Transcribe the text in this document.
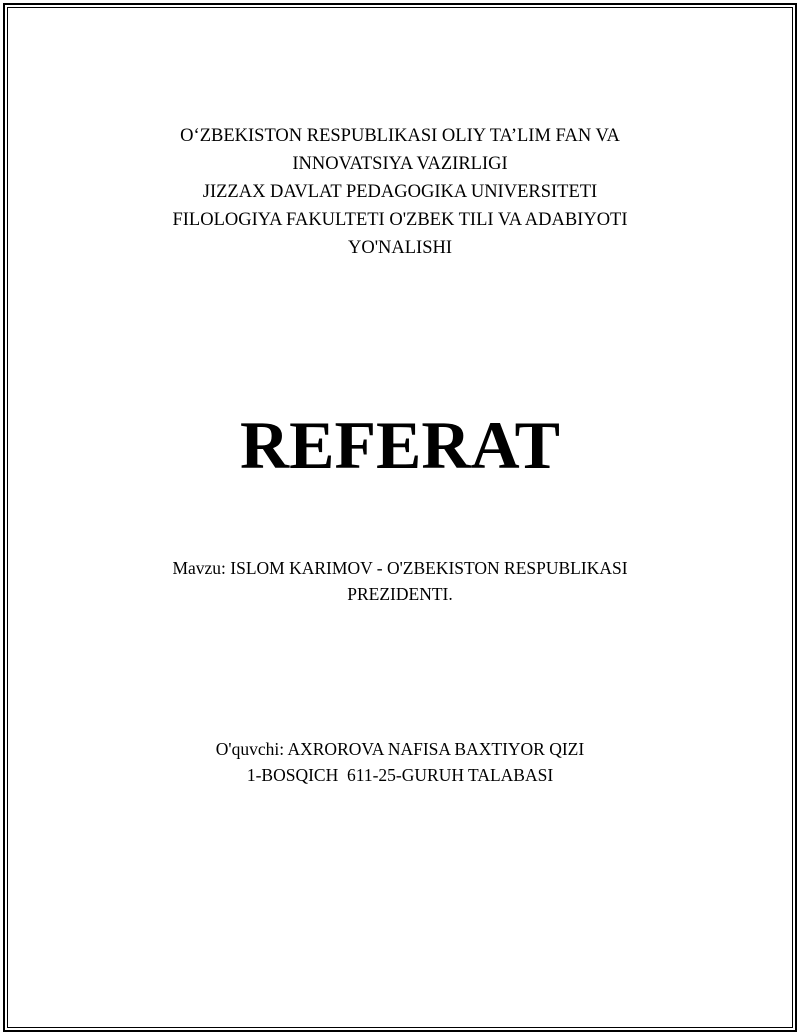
O‘ZBEKISTON RESPUBLIKASI OLIY TA’LIM FAN VA
INNOVATSIYA VAZIRLIGI
JIZZAX DAVLAT PEDAGOGIKA UNIVERSITETI
FILOLOGIYA FAKULTETI O'ZBEK TILI VA ADABIYOTI
YO'NALISHI
REFERAT
Mavzu: ISLOM KARIMOV - O'ZBEKISTON RESPUBLIKASI
PREZIDENTI.
O'quvchi: AXROROVA NAFISA BAXTIYOR QIZI
1-BOSQICH  611-25-GURUH TALABASI
